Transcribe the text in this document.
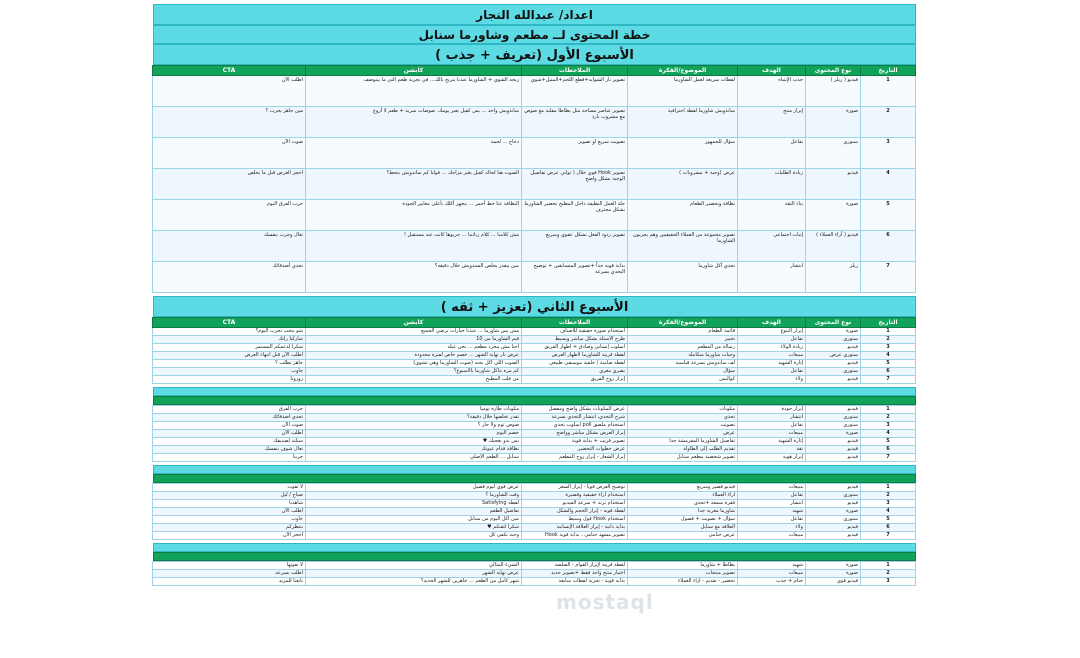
اعداد/ عبدالله النجار
خطة المحتوى لــ مطعم وشاورما سنابل
الأسبوع الأول (تعريف + جذب )
التاريخ	نوع المحتوى	الهدف	الموضوع/الفكرة	الملاحظات	كابشن	CTA
1	فيديو ( ريلز )	جذب الإنتباه	لقطات سريعة لعمل الشاورما	تصوير نار الشوايه+قطع اللحم+المتبل+شوي	ريحه الشوي + الشاورما عندنا بتريح بالك... في تجربة طعم التي ما بيتوصف	اطلب الآن
2	صورة	إبراز منتج	ساندويش شاورما لقطة احترافية	تصوير عناصر مساحة مثل بطاطا مقلية مع صوص مع مشروب بارد	ساندويش واحد ... بس كفيل يغير يومك. صوصات سرية + طعم لا أروع	مين جاهز يجرب ؟
3	ستوري	تفاعل	سؤال للجمهور	تصويت سريع او تصوير	دجاج ... لحمة	صوت الآن
4	فيديو	زيادة الطلبات	عرض (وجبة + مشروبات )	تصوير Hook قوي خلال ( ثواني عرض تفاصيل الوجبة بشكل واضح	الصوت هنا لحاله كفيل يغير مزاجك ... قولنا كم ساندويش بتحط؟	احجز العرض قبل ما يخلص
5	صورة	بناء الثقة	نظافة وتحضير الطعام	جلة العمل النظيفة داخل المطبخ تحضير الشاورما بشكل محترف	النظافة عنا خط أحمر ... بنجهز أكلك بأعلى معايير الجودة	جرب الفرق اليوم
6	فيديو ( آراء العملاء )	إثبات اجتماعي	تصوير مجموعة من العملاء الحقيقيين وهم يجربون الشاورما	تصوير ردود الفعل بشكل عفوي وسريع	مش كلامنا ... كلام زبائننا ... جربوها كانت عند مستقبل !	تعال وجرب بنفسك
7	ريلز	انتشار	تحدي أكل شاورما	بداية قوية جداً +تصوير المتسابقين + توضيح التحدي بسرعة	مين بيقدر يخلص السندويش خلال دقيقة؟	تحدي أصدقائك
الأسبوع الثاني (تعزيز + ثقه )
التاريخ	نوع المحتوى	الهدف	الموضوع/الفكرة	الملاحظات	كابشن	CTA
1	صورة	إبراز التنوع	قائمة الطعام	استخدام صورة حقيقية للأصناف	مش بس شاورما ... عندنا خيارات ترضي الجميع	شو بتحب تجرب اليوم؟
2	ستوري	تفاعل	تخيير	طرح الأسئلة بشكل مباشر وبسيط	قيم الشاورما من 10	شاركنا رأيك
3	فيديو	زيادة الولاء	رسالة من المطعم	أسلوب إنساني وصادق + اظهار الفريق	احنا مش مجرد مطعم ... نحن عيلة	شكراً لدعمكم المستمر
4	ستوري عرض	مبيعات	وجبات شاورما متكاملة	لقطة قريبة للشاورما لاظهار العرض	عرض نار نهاية الشهر ... خصم خاص لفترة محدودة	اطلب الآن قبل انتهاء العرض
5	فيديو	إثارة الشهية	لف ساندويش بسرعة قياسية	لقطة صامتة / خلفية موسيقى طبيعي	الصوت اللي اكل بحبه (صوت الشاورما وهي تشوي)	جاهز تطلب ؟
6	ستوري	تفاعل	سؤال	بصري مغري	كم مرة بتاكل شاورما بالأسبوع؟	جاوب
7	فيديو	ولاء	كواليس	إبراز روح الفريق	من قلب المطبخ	زورونا
1	فيديو	إبراز جودة	مكونات	عرض المكونات بشكل واضح ومفصل	مكونات طازة يومياً	جرب الفرق
2	ستوري	انتشار	تحدي	شرح التحدي، انتشار التحدي بسرعة	تقدر تخلصها خلال دقيقة؟	تحدي أصدقائك
3	ستوري	تفاعل	تصويت	استخدام ملصق poll أسلوب تحدي	صوص ثوم ولا حار ؟	صوت الآن
4	صورة	مبيعات	عرض	إبراز العرض بشكل مباشر وواضح	خصم اليوم	اطلب الآن
5	فيديو	إثارة الشهية	تفاصيل الشاورما المقرمشة جدا	تصوير قريب + بداية قوية	بس بدو يعجبك ♥	ستلتذ لصديقك
6	فيديو	ثقة	تقديم الطلب إلى الطاولة	عرض خطوات التحضير	نظافة قدام عيونك	تعال شوف بنفسك
7	فيديو	إبراز هوية	تصوير شخصية مطعم سنابل	إبراز الشعار - إبراز روح المطعم	سنابل ... الطعم الأصلي	جربنا
1	فيديو	مبيعات	فيديو قصير وسريع	توضيح العرض قوياً - إبراز السعر	عرض قوي ليوم فضيل	لا تفوت
2	ستوري	تفاعل	آراء العملاء	استخدام آراء حقيقية وقصيرة	وقت الشاورما ؟	صباح / ليل
3	فيديو	انتشار	فقرة سمعة +تحدي	استخدام ترند + سرعة الفيديو	لقطة Satisfying	شاهدنا
4	صورة	شهية	شاورما مغرية جدا	لقطة قوية - إبراز الحجم والشكل	تفاصيل الطعم	اطلب الآن
5	ستوري	تفاعل	سؤال + تصويت + فضول	استخدام Hook قول وسيط	مين أكل اليوم من سنابل	جاوب
6	فيديو	ولاء	العلاقة مع سنابل	بداية ذاتية - إبراز العلاقة الإنسانية	شكرا لثقتكم ♥	ننتظركم
7	فيديو	مبيعات	عرض ختامي	تصوير مشهد ختامي ، بداية قوية Hook	وجبة تكفي كل	احجز الآن
1	صورة	شهية	بطاطا + شاورما	لقطة قريبة لإبراز القوام - الصلصة	الشيء المثالي	لا تفوتها
2	صورة	مبيعات	تصوير منتجات	اختيار منتج واحد فقط +تصوير جديد	عرض نهاية الشهر	اطلب بسرعة
3	فيديو قوي	ختام + جذب	تحضير - تقديم - آراء العملاء	بداية قوية - تجربة لقطات سابقة	شهر كامل من الطعم ... جاهزين للشهر الجديد؟	تابعنا للمزيد
mostaql
